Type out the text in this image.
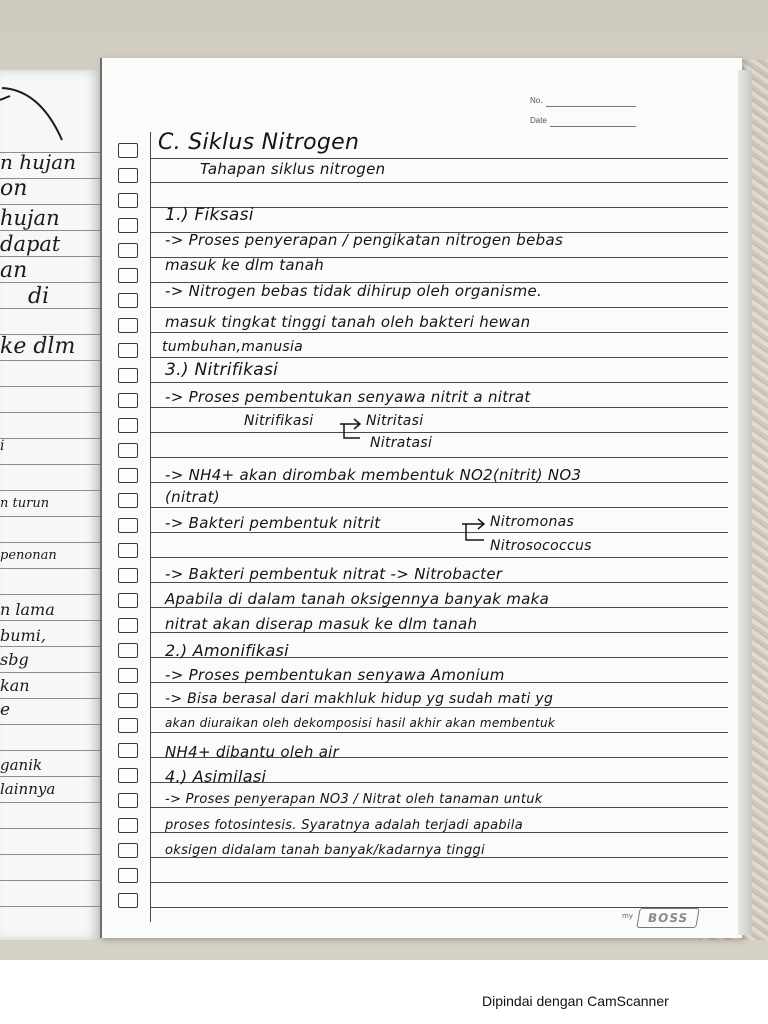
n hujan
on
hujan
dapat
an
di
ke dlm
i
n turun
penonan
n lama
bumi,
sbg
kan
e
ganik
lainnya
No.
Date
C. Siklus Nitrogen
Tahapan siklus nitrogen
1.) Fiksasi
-> Proses penyerapan / pengikatan nitrogen bebas
masuk ke dlm tanah
-> Nitrogen bebas tidak dihirup oleh organisme.
masuk tingkat tinggi tanah oleh bakteri hewan
tumbuhan,manusia
3.) Nitrifikasi
-> Proses pembentukan senyawa nitrit a nitrat
Nitrifikasi	Nitritasi
Nitratasi
-> NH4+ akan dirombak membentuk NO2(nitrit) NO3
(nitrat)
-> Bakteri pembentuk nitrit	Nitromonas
Nitrosococcus
-> Bakteri pembentuk nitrat -> Nitrobacter
Apabila di dalam tanah oksigennya banyak maka
nitrat akan diserap masuk ke dlm tanah
2.) Amonifikasi
-> Proses pembentukan senyawa Amonium
-> Bisa berasal dari makhluk hidup yg sudah mati yg
akan diuraikan oleh dekomposisi hasil akhir akan membentuk
NH4+ dibantu oleh air
4.) Asimilasi
-> Proses penyerapan NO3 / Nitrat oleh tanaman untuk
proses fotosintesis. Syaratnya adalah terjadi apabila
oksigen didalam tanah banyak/kadarnya tinggi
my	BOSS
Dipindai dengan CamScanner
